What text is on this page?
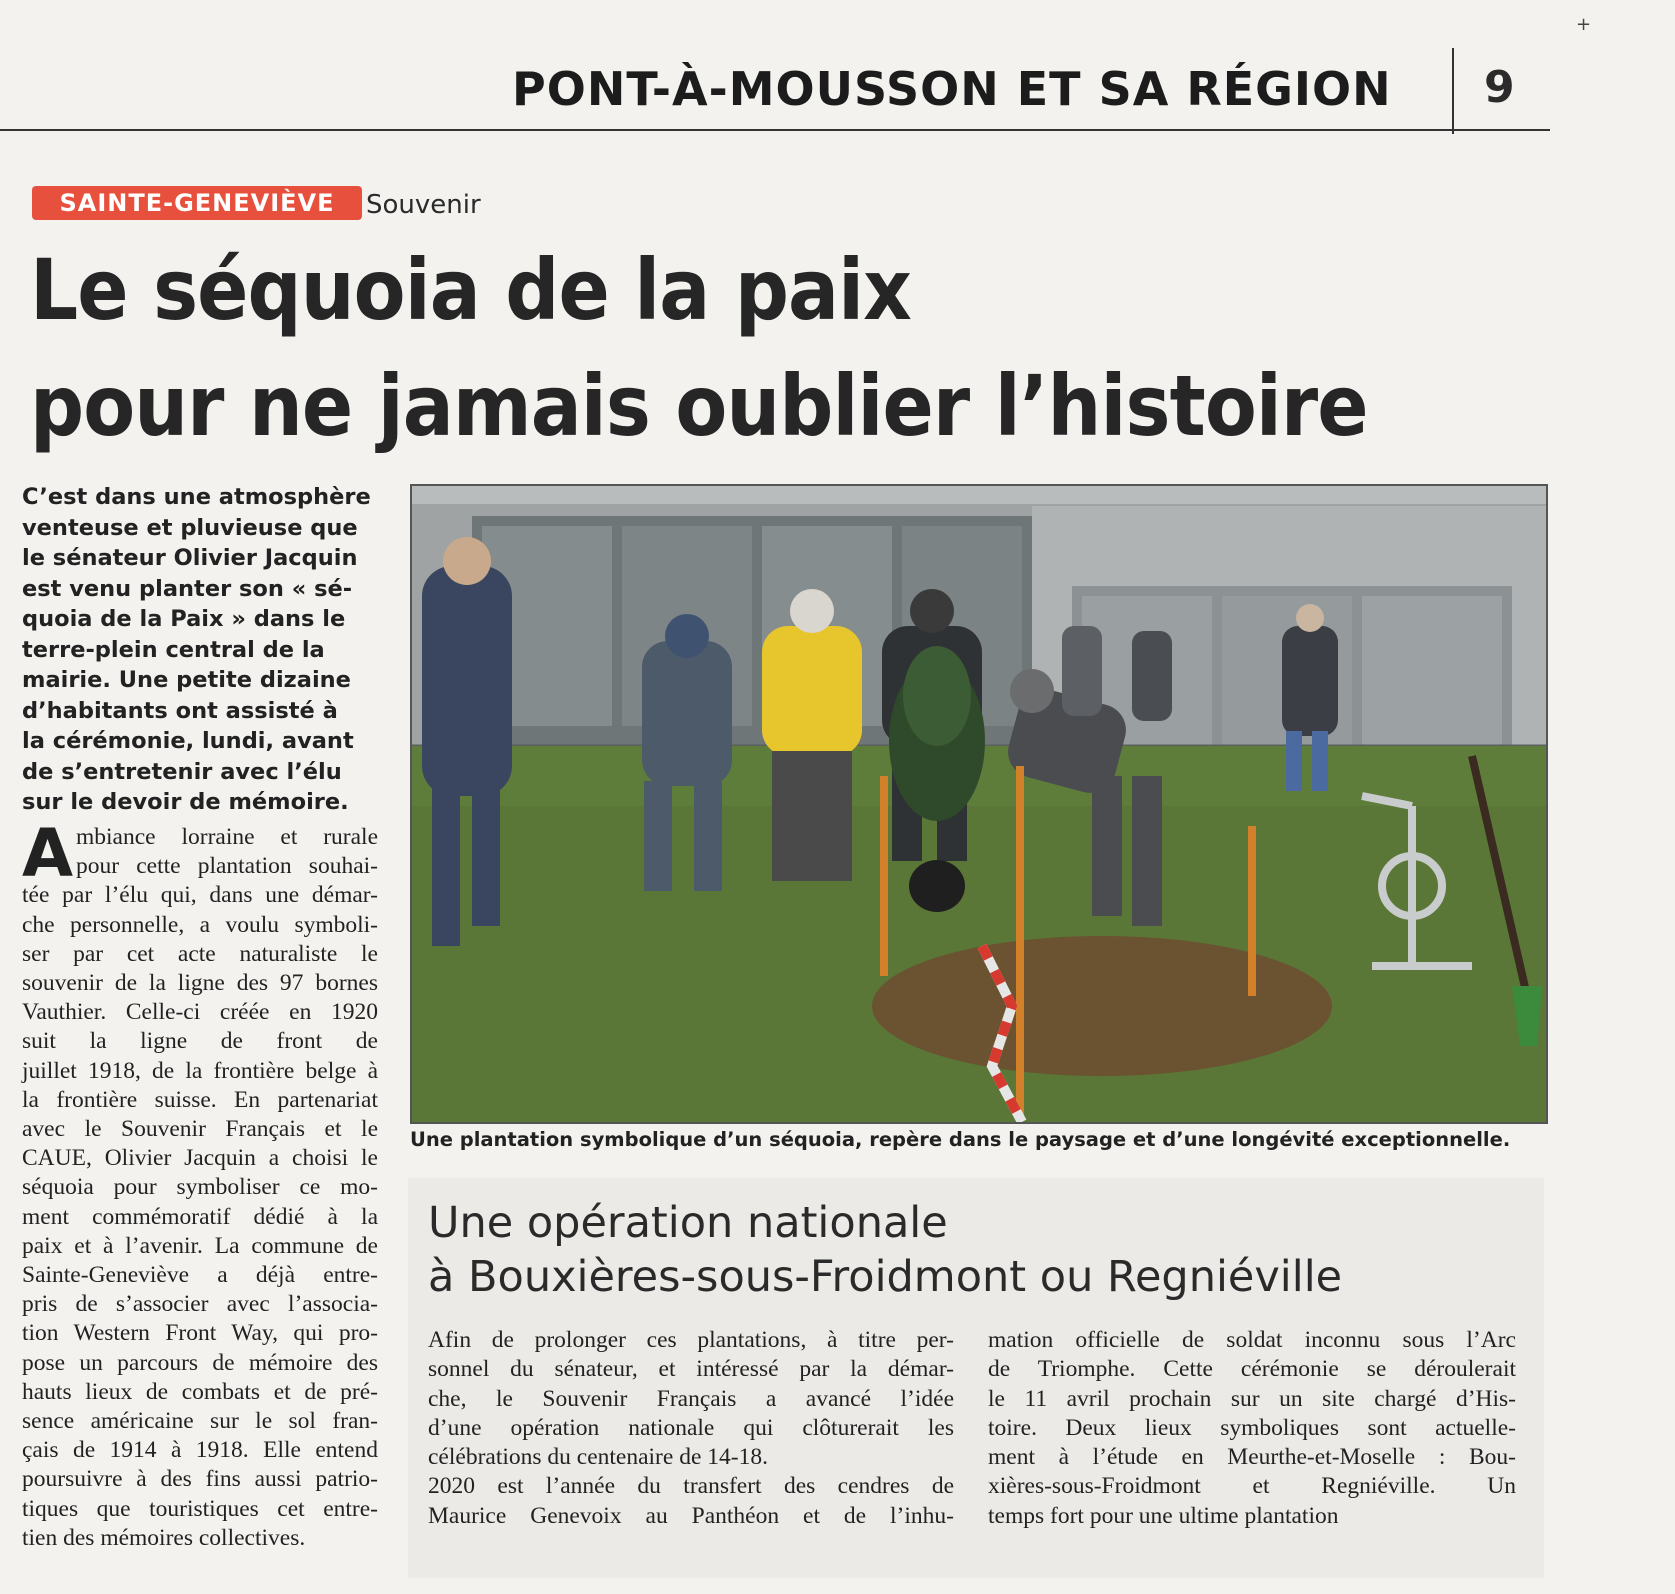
+
PONT-À-MOUSSON ET SA RÉGION	9
SAINTE-GENEVIÈVE	Souvenir
Le séquoia de la paix
pour ne jamais oublier l’histoire
C’est dans une atmosphère
venteuse et pluvieuse que
le sénateur Olivier Jacquin
est venu planter son « sé-
quoia de la Paix » dans le
terre-plein central de la
mairie. Une petite dizaine
d’habitants ont assisté à
la cérémonie, lundi, avant
de s’entretenir avec l’élu
sur le devoir de mémoire.
A mbiance lorraine et rurale
pour cette plantation souhai-
tée par l’élu qui, dans une démar-
che personnelle, a voulu symboli-
ser par cet acte naturaliste le
souvenir de la ligne des 97 bornes
Vauthier. Celle-ci créée en 1920
suit la ligne de front de
juillet 1918, de la frontière belge à
la frontière suisse. En partenariat
avec le Souvenir Français et le
CAUE, Olivier Jacquin a choisi le
séquoia pour symboliser ce mo-
ment commémoratif dédié à la
paix et à l’avenir. La commune de
Sainte-Geneviève a déjà entre-
pris de s’associer avec l’associa-
tion Western Front Way, qui pro-
pose un parcours de mémoire des
hauts lieux de combats et de pré-
sence américaine sur le sol fran-
çais de 1914 à 1918. Elle entend
poursuivre à des fins aussi patrio-
tiques que touristiques cet entre-
tien des mémoires collectives.
Une plantation symbolique d’un séquoia, repère dans le paysage et d’une longévité exceptionnelle.
Une opération nationale
à Bouxières-sous-Froidmont ou Regniéville
Afin de prolonger ces plantations, à titre per-
sonnel du sénateur, et intéressé par la démar-
che, le Souvenir Français a avancé l’idée
d’une opération nationale qui clôturerait les
célébrations du centenaire de 14-18.
2020 est l’année du transfert des cendres de
Maurice Genevoix au Panthéon et de l’inhu-
mation officielle de soldat inconnu sous l’Arc
de Triomphe. Cette cérémonie se déroulerait
le 11 avril prochain sur un site chargé d’His-
toire. Deux lieux symboliques sont actuelle-
ment à l’étude en Meurthe-et-Moselle : Bou-
xières-sous-Froidmont et Regniéville. Un
temps fort pour une ultime plantation
